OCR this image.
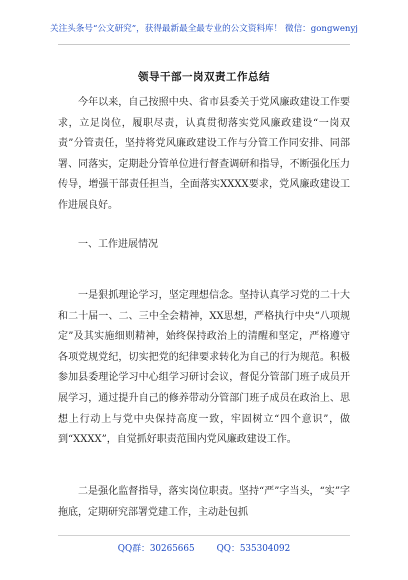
关注头条号“公文研究”，获得最新最全最专业的公文资料库！ 微信：gongwenyj
领导干部一岗双责工作总结

今年以来，自己按照中央、省市县委关于党风廉政建设工作要求，立足岗位，履职尽责，认真贯彻落实党风廉政建设“一岗双责”分管责任，坚持将党风廉政建设工作与分管工作同安排、同部署、同落实，定期赴分管单位进行督查调研和指导，不断强化压力传导，增强干部责任担当，全面落实XXXX要求，党风廉政建设工作进展良好。

一、工作进展情况

一是狠抓理论学习，坚定理想信念。坚持认真学习党的二十大和二十届一、二、三中全会精神，XX思想，严格执行中央“八项规定”及其实施细则精神，始终保持政治上的清醒和坚定，严格遵守各项党规党纪，切实把党的纪律要求转化为自己的行为规范。积极参加县委理论学习中心组学习研讨会议，督促分管部门班子成员开展学习，通过提升自己的修养带动分管部门班子成员在政治上、思想上行动上与党中央保持高度一致，牢固树立“四个意识”，做到“XXXX”，自觉抓好职责范围内党风廉政建设工作。

二是强化监督指导，落实岗位职责。坚持“严”字当头，“实”字拖底，定期研究部署党建工作，主动赴包抓

QQ群：30265665	QQ：535304092
